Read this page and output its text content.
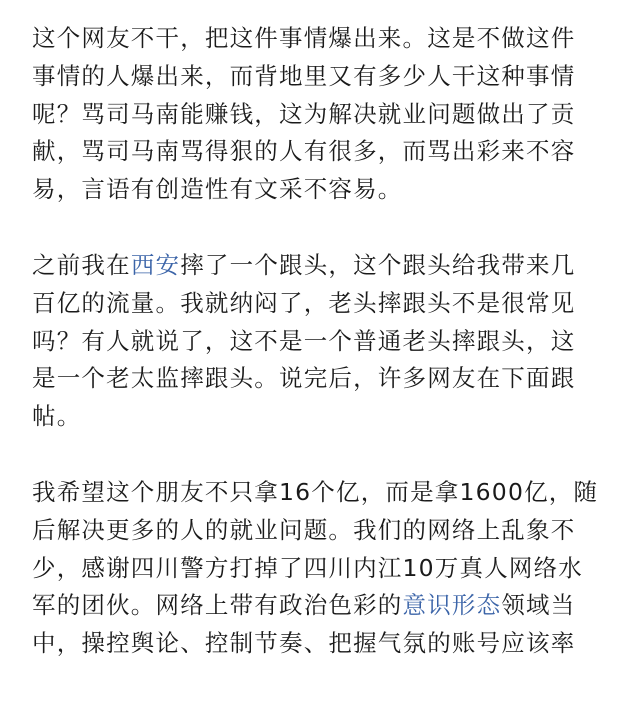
这个网友不干，把这件事情爆出来。这是不做这件
事情的人爆出来，而背地里又有多少人干这种事情
呢？骂司马南能赚钱，这为解决就业问题做出了贡
献，骂司马南骂得狠的人有很多，而骂出彩来不容
易，言语有创造性有文采不容易。

之前我在西安摔了一个跟头，这个跟头给我带来几
百亿的流量。我就纳闷了，老头摔跟头不是很常见
吗？有人就说了，这不是一个普通老头摔跟头，这
是一个老太监摔跟头。说完后，许多网友在下面跟
帖。

我希望这个朋友不只拿16个亿，而是拿1600亿，随
后解决更多的人的就业问题。我们的网络上乱象不
少，感谢四川警方打掉了四川内江10万真人网络水
军的团伙。网络上带有政治色彩的意识形态领域当
中，操控舆论、控制节奏、把握气氛的账号应该率
